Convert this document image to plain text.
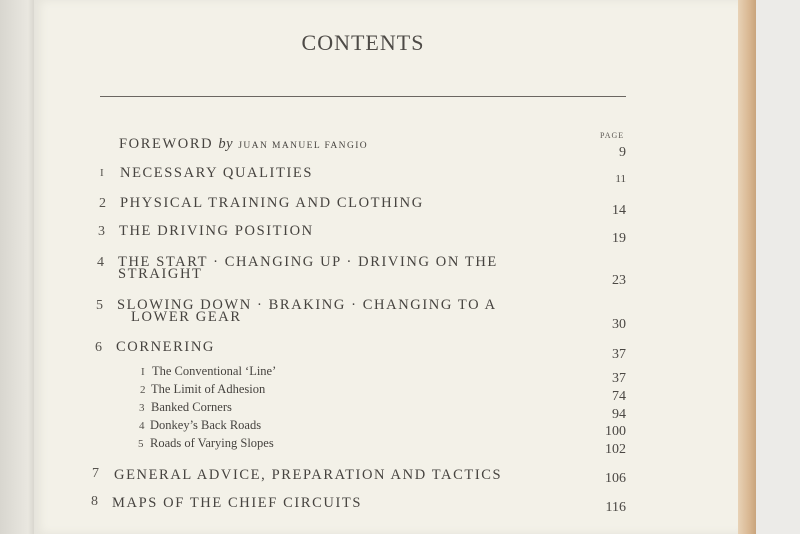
CONTENTS
PAGE
FOREWORD by JUAN MANUEL FANGIO	9
I NECESSARY QUALITIES	11
2 PHYSICAL TRAINING AND CLOTHING	14
3 THE DRIVING POSITION	19
4 THE START · CHANGING UP · DRIVING ON THE
STRAIGHT	23
5 SLOWING DOWN · BRAKING · CHANGING TO A
LOWER GEAR	30
6 CORNERING	37
I The Conventional ‘Line’	37
2 The Limit of Adhesion	74
3 Banked Corners	94
4 Donkey’s Back Roads	100
5 Roads of Varying Slopes	102
7 GENERAL ADVICE, PREPARATION AND TACTICS	106
8 MAPS OF THE CHIEF CIRCUITS	116
